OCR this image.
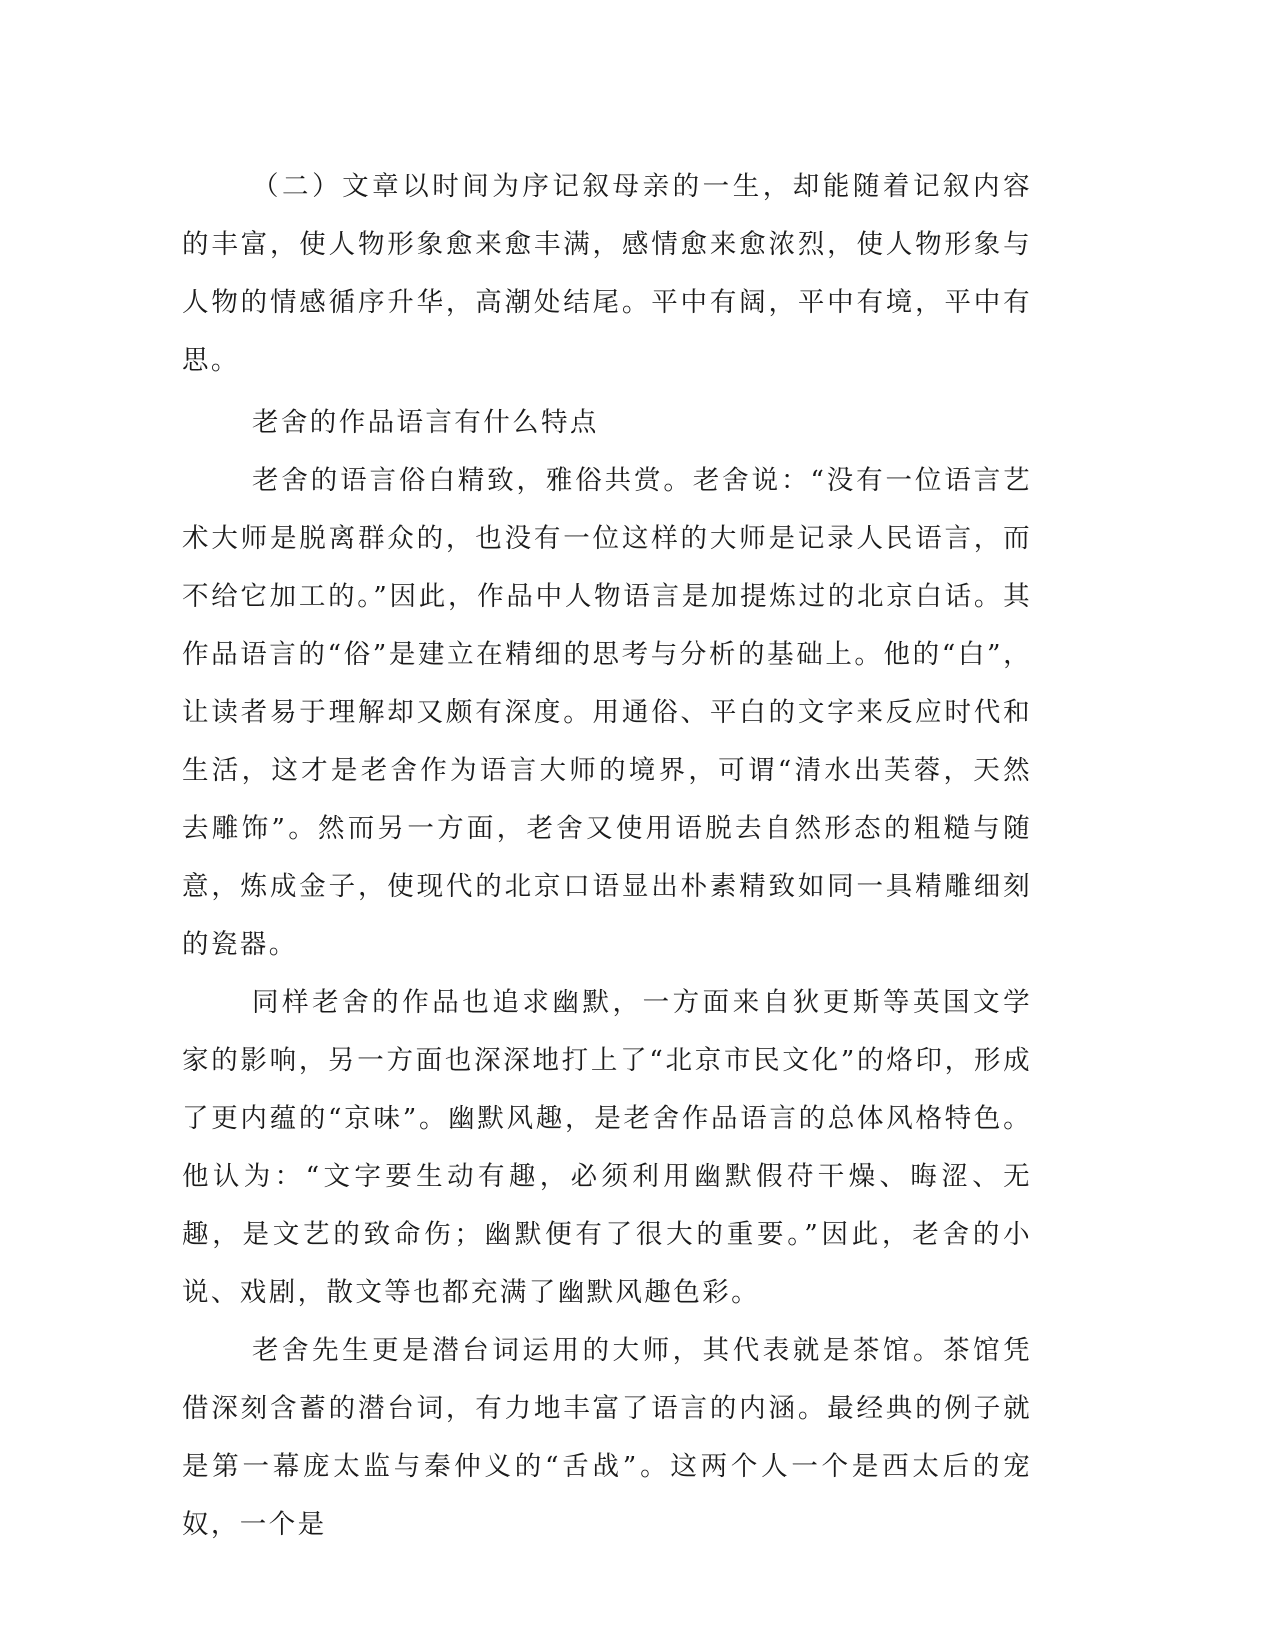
（二）文章以时间为序记叙母亲的一生，却能随着记叙内容的丰富，使人物形象愈来愈丰满，感情愈来愈浓烈，使人物形象与人物的情感循序升华，高潮处结尾。平中有阔，平中有境，平中有思。

老舍的作品语言有什么特点

老舍的语言俗白精致，雅俗共赏。老舍说：“没有一位语言艺术大师是脱离群众的，也没有一位这样的大师是记录人民语言，而不给它加工的。”因此，作品中人物语言是加提炼过的北京白话。其作品语言的“俗”是建立在精细的思考与分析的基础上。他的“白”，让读者易于理解却又颇有深度。用通俗、平白的文字来反应时代和生活，这才是老舍作为语言大师的境界，可谓“清水出芙蓉，天然去雕饰”。然而另一方面，老舍又使用语脱去自然形态的粗糙与随意，炼成金子，使现代的北京口语显出朴素精致如同一具精雕细刻的瓷器。

同样老舍的作品也追求幽默，一方面来自狄更斯等英国文学家的影响，另一方面也深深地打上了“北京市民文化”的烙印，形成了更内蕴的“京味”。幽默风趣，是老舍作品语言的总体风格特色。他认为：“文字要生动有趣，必须利用幽默假苻干燥、晦涩、无趣，是文艺的致命伤；幽默便有了很大的重要。”因此，老舍的小说、戏剧，散文等也都充满了幽默风趣色彩。

老舍先生更是潜台词运用的大师，其代表就是茶馆。茶馆凭借深刻含蓄的潜台词，有力地丰富了语言的内涵。最经典的例子就是第一幕庞太监与秦仲义的“舌战”。这两个人一个是西太后的宠奴，一个是
